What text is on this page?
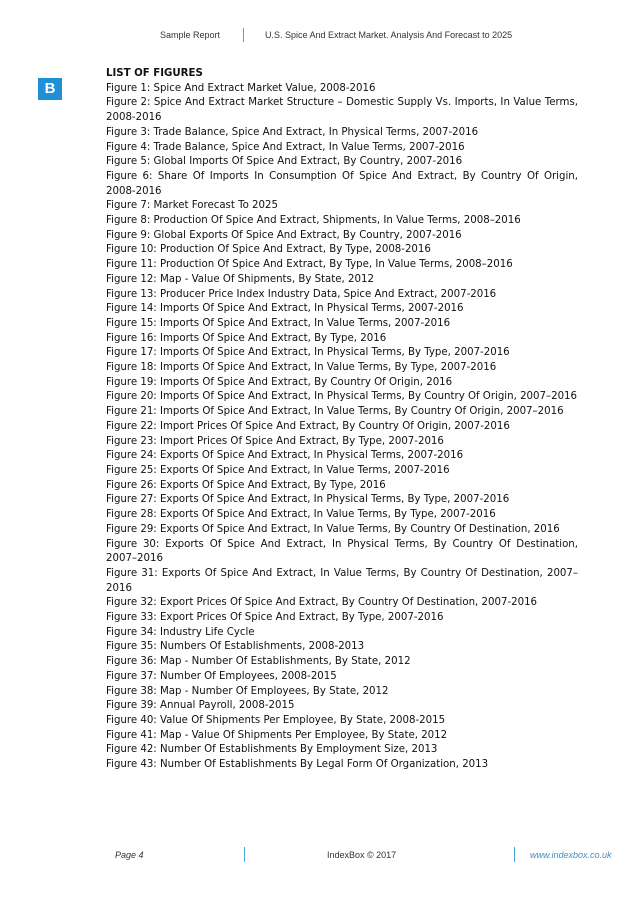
Sample Report	U.S. Spice And Extract Market. Analysis And Forecast to 2025
B
LIST OF FIGURES
Figure 1: Spice And Extract Market Value, 2008-2016
Figure 2: Spice And Extract Market Structure – Domestic Supply Vs. Imports, In Value Terms, 2008-2016
Figure 3: Trade Balance, Spice And Extract, In Physical Terms, 2007-2016
Figure 4: Trade Balance, Spice And Extract, In Value Terms, 2007-2016
Figure 5: Global Imports Of Spice And Extract, By Country, 2007-2016
Figure 6: Share Of Imports In Consumption Of Spice And Extract, By Country Of Origin, 2008-2016
Figure 7: Market Forecast To 2025
Figure 8: Production Of Spice And Extract, Shipments, In Value Terms, 2008–2016
Figure 9: Global Exports Of Spice And Extract, By Country, 2007-2016
Figure 10: Production Of Spice And Extract, By Type, 2008-2016
Figure 11: Production Of Spice And Extract, By Type, In Value Terms, 2008–2016
Figure 12: Map - Value Of Shipments, By State, 2012
Figure 13: Producer Price Index Industry Data, Spice And Extract, 2007-2016
Figure 14: Imports Of Spice And Extract, In Physical Terms, 2007-2016
Figure 15: Imports Of Spice And Extract, In Value Terms, 2007-2016
Figure 16: Imports Of Spice And Extract, By Type, 2016
Figure 17: Imports Of Spice And Extract, In Physical Terms, By Type, 2007-2016
Figure 18: Imports Of Spice And Extract, In Value Terms, By Type, 2007-2016
Figure 19: Imports Of Spice And Extract, By Country Of Origin, 2016
Figure 20: Imports Of Spice And Extract, In Physical Terms, By Country Of Origin, 2007–2016
Figure 21: Imports Of Spice And Extract, In Value Terms, By Country Of Origin, 2007–2016
Figure 22: Import Prices Of Spice And Extract, By Country Of Origin, 2007-2016
Figure 23: Import Prices Of Spice And Extract, By Type, 2007-2016
Figure 24: Exports Of Spice And Extract, In Physical Terms, 2007-2016
Figure 25: Exports Of Spice And Extract, In Value Terms, 2007-2016
Figure 26: Exports Of Spice And Extract, By Type, 2016
Figure 27: Exports Of Spice And Extract, In Physical Terms, By Type, 2007-2016
Figure 28: Exports Of Spice And Extract, In Value Terms, By Type, 2007-2016
Figure 29: Exports Of Spice And Extract, In Value Terms, By Country Of Destination, 2016
Figure 30: Exports Of Spice And Extract, In Physical Terms, By Country Of Destination, 2007–2016
Figure 31: Exports Of Spice And Extract, In Value Terms, By Country Of Destination, 2007–2016
Figure 32: Export Prices Of Spice And Extract, By Country Of Destination, 2007-2016
Figure 33: Export Prices Of Spice And Extract, By Type, 2007-2016
Figure 34: Industry Life Cycle
Figure 35: Numbers Of Establishments, 2008-2013
Figure 36: Map - Number Of Establishments, By State, 2012
Figure 37: Number Of Employees, 2008-2015
Figure 38: Map - Number Of Employees, By State, 2012
Figure 39: Annual Payroll, 2008-2015
Figure 40: Value Of Shipments Per Employee, By State, 2008-2015
Figure 41: Map - Value Of Shipments Per Employee, By State, 2012
Figure 42: Number Of Establishments By Employment Size, 2013
Figure 43: Number Of Establishments By Legal Form Of Organization, 2013
Page 4	IndexBox © 2017	www.indexbox.co.uk
